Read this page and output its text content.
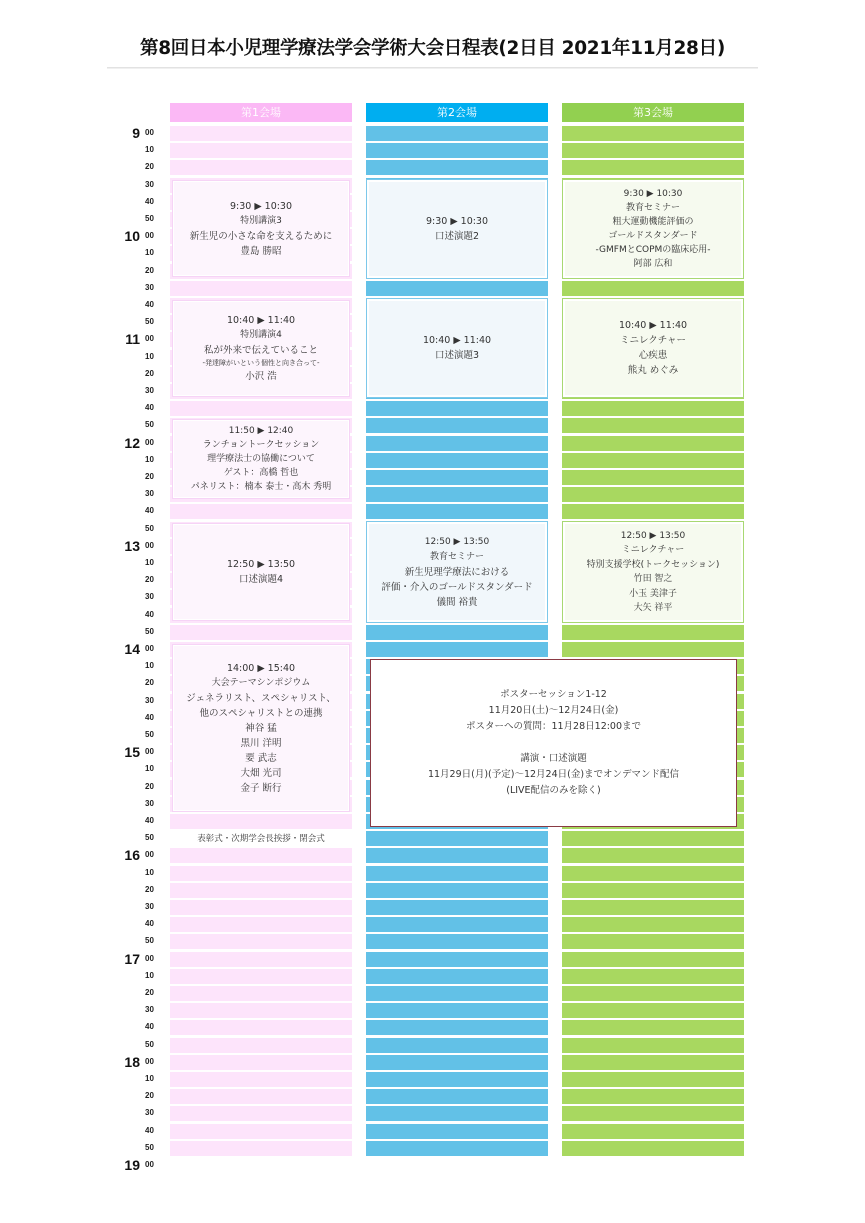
第8回日本小児理学療法学会学術大会日程表(2日目 2021年11月28日)
第1会場	第2会場	第3会場
9 00
10
20
30
40
50
10 00
10
20
30
40
50
11 00
10
20
30
40
50
12 00
10
20
30
40
50
13 00
10
20
30
40
50
14 00
10
20
30
40
50
15 00
10
20
30
40
50
16 00
10
20
30
40
50
17 00
10
20
30
40
50
18 00
10
20
30
40
50
19 00
9:30 ▶ 10:30
特別講演3
新生児の小さな命を支えるために
豊島 勝昭
10:40 ▶ 11:40
特別講演4
私が外来で伝えていること
-発達障がいという個性と向き合って-
小沢 浩
11:50 ▶ 12:40
ランチョントークセッション
理学療法士の協働について
ゲスト：高橋 哲也
パネリスト：楠本 泰士・高木 秀明
12:50 ▶ 13:50
口述演題4
14:00 ▶ 15:40
大会テーマシンポジウム
ジェネラリスト、スペシャリスト、
他のスペシャリストとの連携
神谷 猛
黒川 洋明
要 武志
大畑 光司
金子 断行
表彰式・次期学会長挨拶・閉会式
9:30 ▶ 10:30
口述演題2
10:40 ▶ 11:40
口述演題3
12:50 ▶ 13:50
教育セミナー
新生児理学療法における
評価・介入のゴールドスタンダード
儀間 裕貴
9:30 ▶ 10:30
教育セミナー
粗大運動機能評価の
ゴールドスタンダード
-GMFMとCOPMの臨床応用-
阿部 広和
10:40 ▶ 11:40
ミニレクチャー
心疾患
熊丸 めぐみ
12:50 ▶ 13:50
ミニレクチャー
特別支援学校(トークセッション)
竹田 智之
小玉 美津子
大矢 祥平
ポスターセッション1-12
11月20日(土)〜12月24日(金)
ポスターへの質問：11月28日12:00まで
講演・口述演題
11月29日(月)(予定)〜12月24日(金)までオンデマンド配信
(LIVE配信のみを除く)
